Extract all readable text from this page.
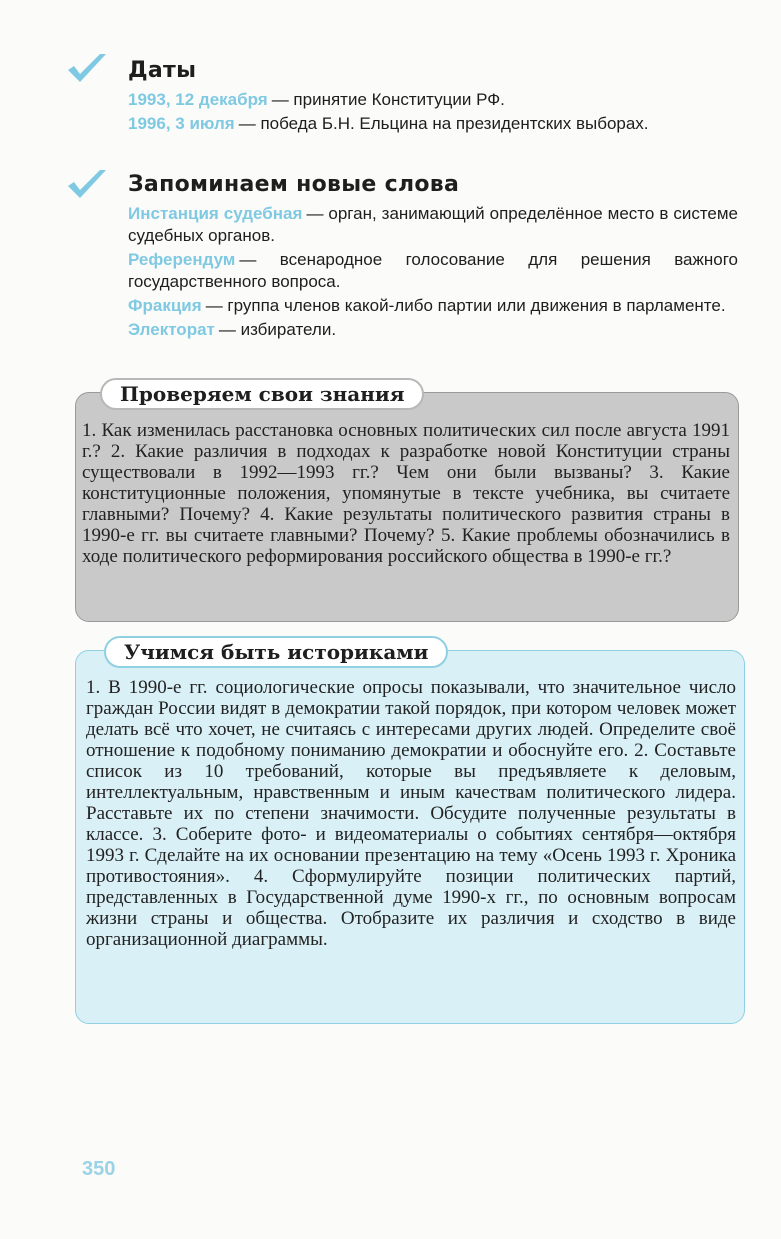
Даты
1993, 12 декабря — принятие Конституции РФ.
1996, 3 июля — победа Б.Н. Ельцина на президентских выборах.
Запоминаем новые слова
Инстанция судебная — орган, занимающий определённое место в системе судебных органов.
Референдум — всенародное голосование для решения важного государственного вопроса.
Фракция — группа членов какой-либо партии или движения в парламенте.
Электорат — избиратели.
Проверяем свои знания
1. Как изменилась расстановка основных политических сил после августа 1991 г.? 2. Какие различия в подходах к разработке новой Конституции страны существовали в 1992—1993 гг.? Чем они были вызваны? 3. Какие конституционные положения, упомянутые в тексте учебника, вы считаете главными? Почему? 4. Какие результаты политического развития страны в 1990-е гг. вы считаете главными? Почему? 5. Какие проблемы обозначились в ходе политического реформирования российского общества в 1990-е гг.?
Учимся быть историками
1. В 1990-е гг. социологические опросы показывали, что значительное число граждан России видят в демократии такой порядок, при котором человек может делать всё что хочет, не считаясь с интересами других людей. Определите своё отношение к подобному пониманию демократии и обоснуйте его. 2. Составьте список из 10 требований, которые вы предъявляете к деловым, интеллектуальным, нравственным и иным качествам политического лидера. Расставьте их по степени значимости. Обсудите полученные результаты в классе. 3. Соберите фото- и видеоматериалы о событиях сентября—октября 1993 г. Сделайте на их основании презентацию на тему «Осень 1993 г. Хроника противостояния». 4. Сформулируйте позиции политических партий, представленных в Государственной думе 1990-х гг., по основным вопросам жизни страны и общества. Отобразите их различия и сходство в виде организационной диаграммы.
350
